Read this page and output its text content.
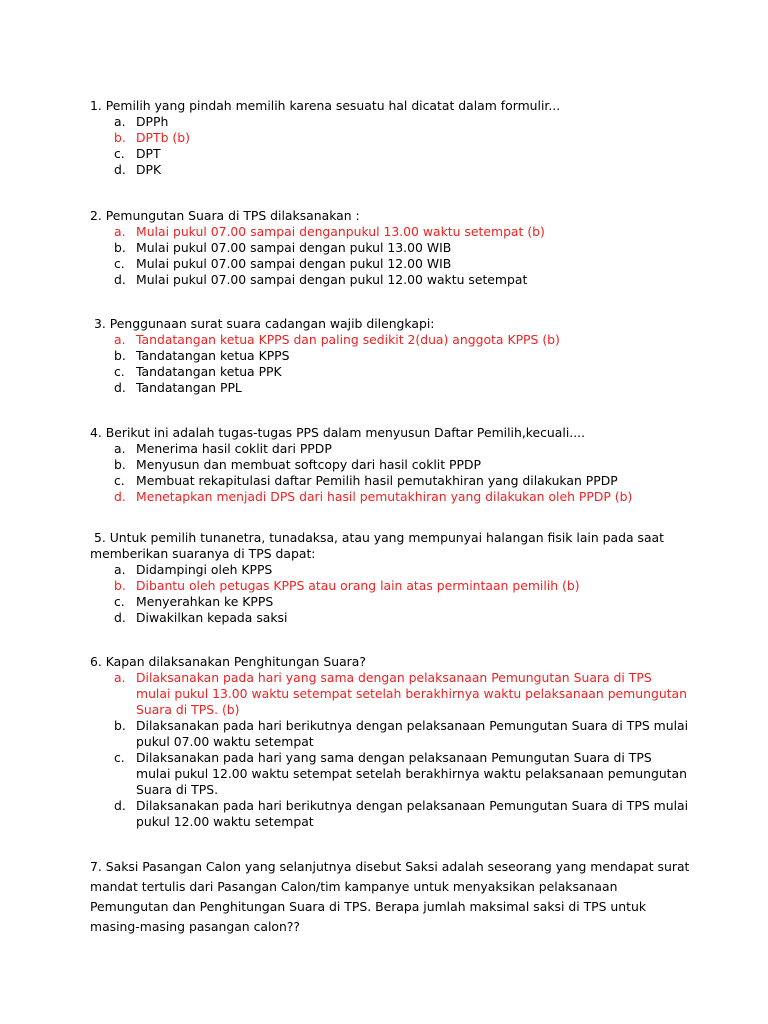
1. Pemilih yang pindah memilih karena sesuatu hal dicatat dalam formulir...

a. DPPh
b. DPTb (b)
c. DPT
d. DPK

2. Pemungutan Suara di TPS dilaksanakan :

a. Mulai pukul 07.00 sampai denganpukul 13.00 waktu setempat (b)
b. Mulai pukul 07.00 sampai dengan pukul 13.00 WIB
c. Mulai pukul 07.00 sampai dengan pukul 12.00 WIB
d. Mulai pukul 07.00 sampai dengan pukul 12.00 waktu setempat

3. Penggunaan surat suara cadangan wajib dilengkapi:

a. Tandatangan ketua KPPS dan paling sedikit 2(dua) anggota KPPS (b)
b. Tandatangan ketua KPPS
c. Tandatangan ketua PPK
d. Tandatangan PPL

4. Berikut ini adalah tugas-tugas PPS dalam menyusun Daftar Pemilih,kecuali....

a. Menerima hasil coklit dari PPDP
b. Menyusun dan membuat softcopy dari hasil coklit PPDP
c. Membuat rekapitulasi daftar Pemilih hasil pemutakhiran yang dilakukan PPDP
d. Menetapkan menjadi DPS dari hasil pemutakhiran yang dilakukan oleh PPDP (b)

5. Untuk pemilih tunanetra, tunadaksa, atau yang mempunyai halangan fisik lain pada saat memberikan suaranya di TPS dapat:

a. Didampingi oleh KPPS
b. Dibantu oleh petugas KPPS atau orang lain atas permintaan pemilih (b)
c. Menyerahkan ke KPPS
d. Diwakilkan kepada saksi

6. Kapan dilaksanakan Penghitungan Suara?

a. Dilaksanakan pada hari yang sama dengan pelaksanaan Pemungutan Suara di TPS mulai pukul 13.00 waktu setempat setelah berakhirnya waktu pelaksanaan pemungutan Suara di TPS. (b)
b. Dilaksanakan pada hari berikutnya dengan pelaksanaan Pemungutan Suara di TPS mulai pukul 07.00 waktu setempat
c. Dilaksanakan pada hari yang sama dengan pelaksanaan Pemungutan Suara di TPS mulai pukul 12.00 waktu setempat setelah berakhirnya waktu pelaksanaan pemungutan Suara di TPS.
d. Dilaksanakan pada hari berikutnya dengan pelaksanaan Pemungutan Suara di TPS mulai pukul 12.00 waktu setempat

7. Saksi Pasangan Calon yang selanjutnya disebut Saksi adalah seseorang yang mendapat surat mandat tertulis dari Pasangan Calon/tim kampanye untuk menyaksikan pelaksanaan Pemungutan dan Penghitungan Suara di TPS. Berapa jumlah maksimal saksi di TPS untuk masing-masing pasangan calon??
